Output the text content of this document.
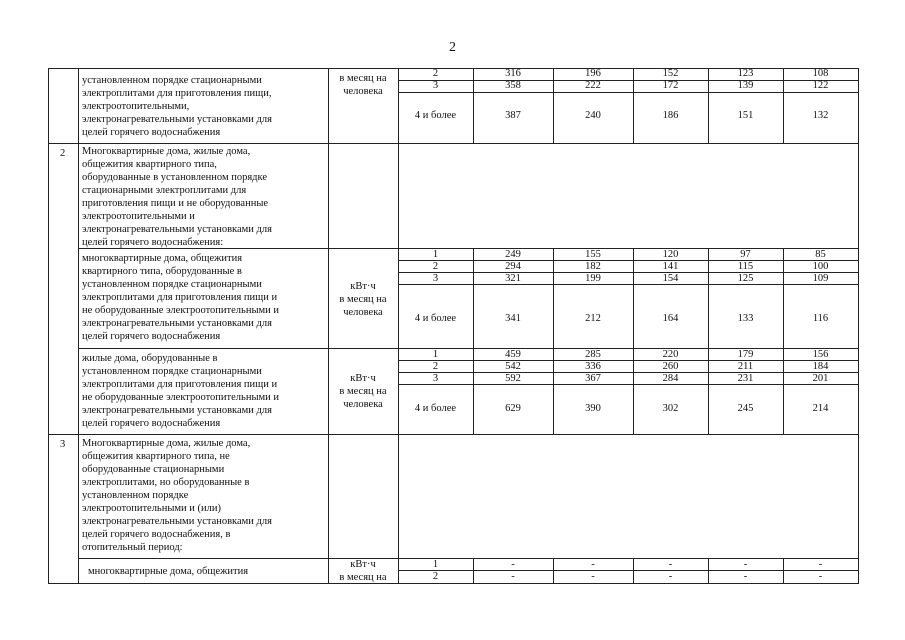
2
установленном порядке стационарными
электроплитами для приготовления пищи,
электроотопительными,
электронагревательными установками для
целей горячего водоснабжения
в месяц на
человека
2	316	196	152	123	108
3	358	222	172	139	122
4 и более	387	240	186	151	132
2 Многоквартирные дома, жилые дома,
общежития квартирного типа,
оборудованные в установленном порядке
стационарными электроплитами для
приготовления пищи и не оборудованные
электроотопительными и
электронагревательными установками для
целей горячего водоснабжения:
многоквартирные дома, общежития
квартирного типа, оборудованные в
установленном порядке стационарными
электроплитами для приготовления пищи и
не оборудованные электроотопительными и
электронагревательными установками для
целей горячего водоснабжения
кВт·ч
в месяц на
человека
1	249	155	120	97	85
2	294	182	141	115	100
3	321	199	154	125	109
4 и более	341	212	164	133	116
жилые дома, оборудованные в
установленном порядке стационарными
электроплитами для приготовления пищи и
не оборудованные электроотопительными и
электронагревательными установками для
целей горячего водоснабжения
кВт·ч
в месяц на
человека
1	459	285	220	179	156
2	542	336	260	211	184
3	592	367	284	231	201
4 и более	629	390	302	245	214
3 Многоквартирные дома, жилые дома,
общежития квартирного типа, не
оборудованные стационарными
электроплитами, но оборудованные в
установленном порядке
электроотопительными и (или)
электронагревательными установками для
целей горячего водоснабжения, в
отопительный период:
многоквартирные дома, общежития
кВт·ч
в месяц на
1	-	-	-	-	-
2	-	-	-	-	-
